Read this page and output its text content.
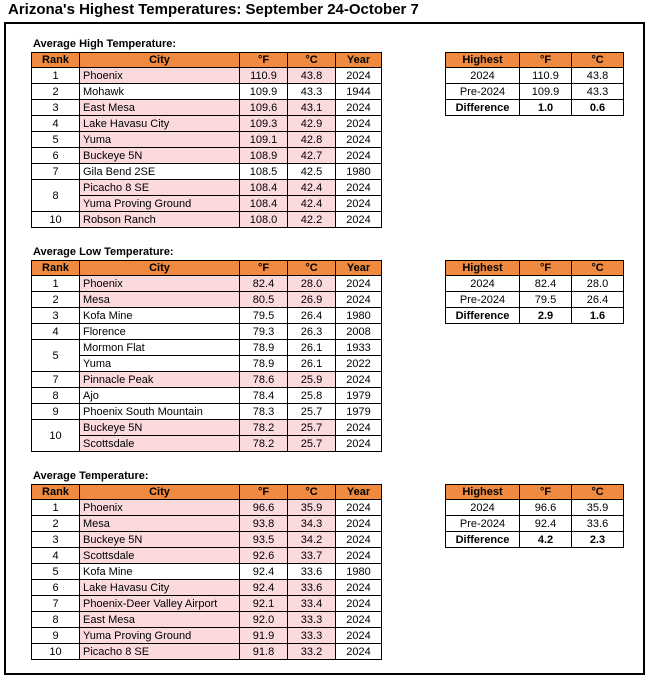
Arizona's Highest Temperatures: September 24-October 7
Average High Temperature:
Rank	City	°F	°C	Year
1	Phoenix	110.9	43.8	2024
2	Mohawk	109.9	43.3	1944
3	East Mesa	109.6	43.1	2024
4	Lake Havasu City	109.3	42.9	2024
5	Yuma	109.1	42.8	2024
6	Buckeye 5N	108.9	42.7	2024
7	Gila Bend 2SE	108.5	42.5	1980
8	Picacho 8 SE	108.4	42.4	2024
	Yuma Proving Ground	108.4	42.4	2024
10	Robson Ranch	108.0	42.2	2024
Highest	°F	°C
2024	110.9	43.8
Pre-2024	109.9	43.3
Difference	1.0	0.6
Average Low Temperature:
Rank	City	°F	°C	Year
1	Phoenix	82.4	28.0	2024
2	Mesa	80.5	26.9	2024
3	Kofa Mine	79.5	26.4	1980
4	Florence	79.3	26.3	2008
5	Mormon Flat	78.9	26.1	1933
	Yuma	78.9	26.1	2022
7	Pinnacle Peak	78.6	25.9	2024
8	Ajo	78.4	25.8	1979
9	Phoenix South Mountain	78.3	25.7	1979
10	Buckeye 5N	78.2	25.7	2024
	Scottsdale	78.2	25.7	2024
Highest	°F	°C
2024	82.4	28.0
Pre-2024	79.5	26.4
Difference	2.9	1.6
Average Temperature:
Rank	City	°F	°C	Year
1	Phoenix	96.6	35.9	2024
2	Mesa	93.8	34.3	2024
3	Buckeye 5N	93.5	34.2	2024
4	Scottsdale	92.6	33.7	2024
5	Kofa Mine	92.4	33.6	1980
6	Lake Havasu City	92.4	33.6	2024
7	Phoenix-Deer Valley Airport	92.1	33.4	2024
8	East Mesa	92.0	33.3	2024
9	Yuma Proving Ground	91.9	33.3	2024
10	Picacho 8 SE	91.8	33.2	2024
Highest	°F	°C
2024	96.6	35.9
Pre-2024	92.4	33.6
Difference	4.2	2.3
